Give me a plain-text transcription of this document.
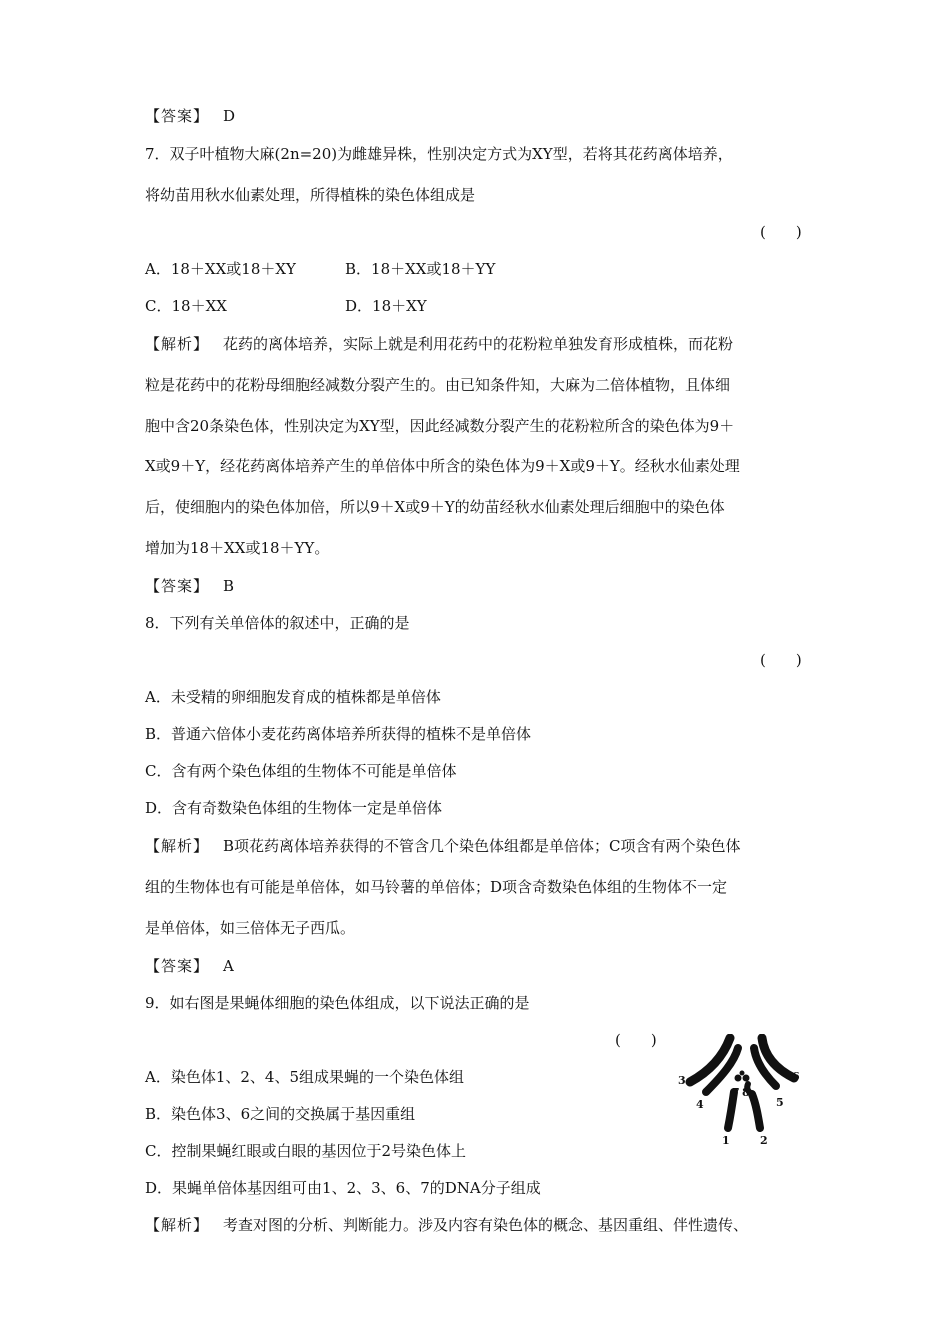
【答案】 D
7．双子叶植物大麻(2n=20)为雌雄异株，性别决定方式为XY型，若将其花药离体培养，
将幼苗用秋水仙素处理，所得植株的染色体组成是
(　　)
A．18＋XX或18＋XY	B．18＋XX或18＋YY
C．18＋XX	D．18＋XY
【解析】 花药的离体培养，实际上就是利用花药中的花粉粒单独发育形成植株，而花粉
粒是花药中的花粉母细胞经减数分裂产生的。由已知条件知，大麻为二倍体植物，且体细
胞中含20条染色体，性别决定为XY型，因此经减数分裂产生的花粉粒所含的染色体为9＋
X或9＋Y，经花药离体培养产生的单倍体中所含的染色体为9＋X或9＋Y。经秋水仙素处理
后，使细胞内的染色体加倍，所以9＋X或9＋Y的幼苗经秋水仙素处理后细胞中的染色体
增加为18＋XX或18＋YY。
【答案】 B
8．下列有关单倍体的叙述中，正确的是
(　　)
A．未受精的卵细胞发育成的植株都是单倍体
B．普通六倍体小麦花药离体培养所获得的植株不是单倍体
C．含有两个染色体组的生物体不可能是单倍体
D．含有奇数染色体组的生物体一定是单倍体
【解析】 B项花药离体培养获得的不管含几个染色体组都是单倍体；C项含有两个染色体
组的生物体也有可能是单倍体，如马铃薯的单倍体；D项含奇数染色体组的生物体不一定
是单倍体，如三倍体无子西瓜。
【答案】 A
9．如右图是果蝇体细胞的染色体组成，以下说法正确的是
(　　)
A．染色体1、2、4、5组成果蝇的一个染色体组
B．染色体3、6之间的交换属于基因重组
C．控制果蝇红眼或白眼的基因位于2号染色体上
D．果蝇单倍体基因组可由1、2、3、6、7的DNA分子组成
【解析】 考查对图的分析、判断能力。涉及内容有染色体的概念、基因重组、伴性遗传、
3
4
7 8
5
6
1	2
